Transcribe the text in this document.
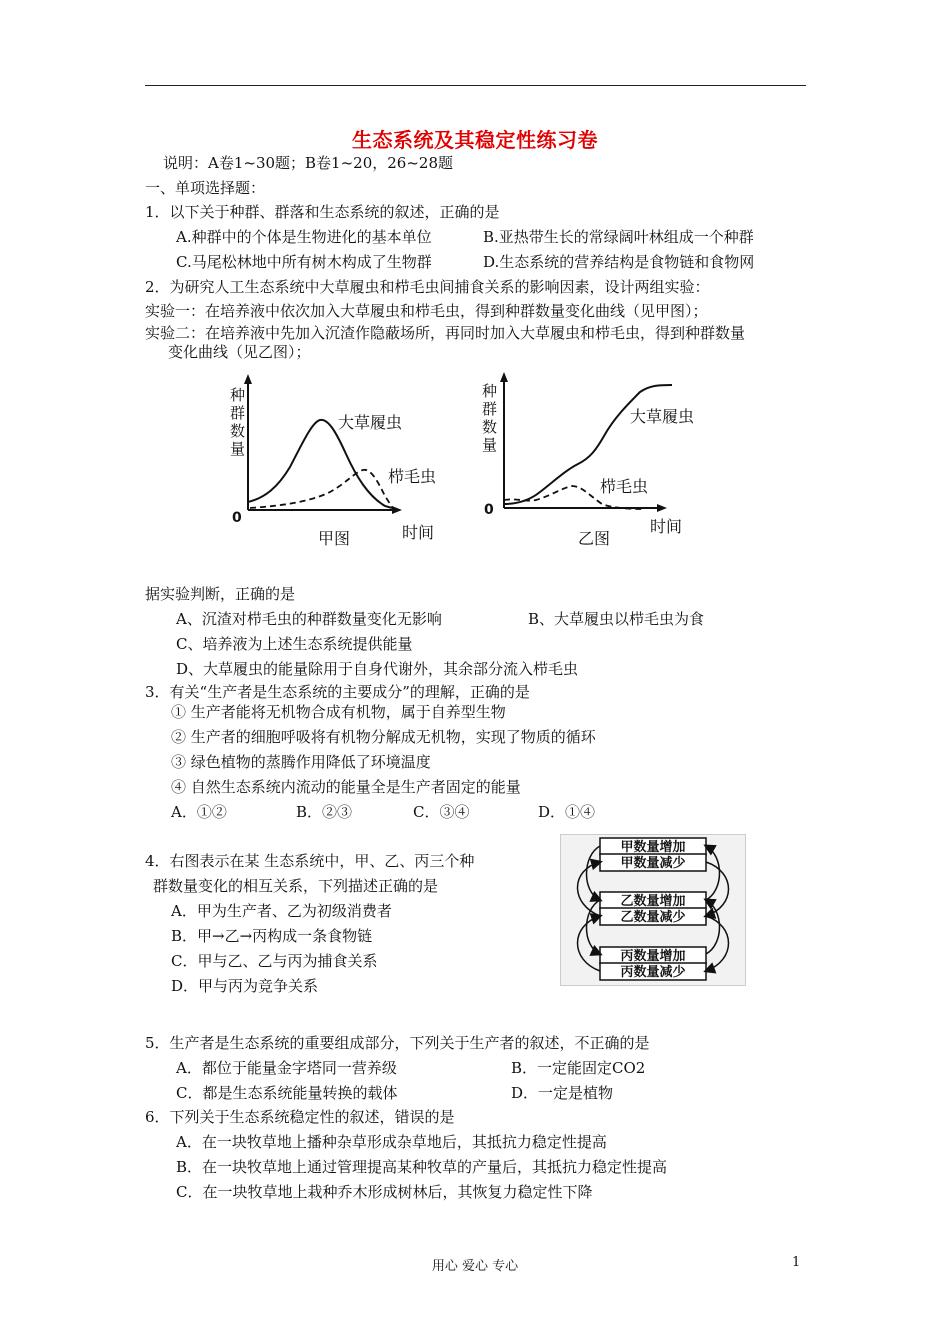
生态系统及其稳定性练习卷
说明：A卷1~30题；B卷1~20，26~28题
一、单项选择题：
1．以下关于种群、群落和生态系统的叙述，正确的是
A.种群中的个体是生物进化的基本单位	B.亚热带生长的常绿阔叶林组成一个种群
C.马尾松林地中所有树木构成了生物群	D.生态系统的营养结构是食物链和食物网
2．为研究人工生态系统中大草履虫和栉毛虫间捕食关系的影响因素，设计两组实验：
实验一：在培养液中依次加入大草履虫和栉毛虫，得到种群数量变化曲线（见甲图）；
实验二：在培养液中先加入沉渣作隐蔽场所，再同时加入大草履虫和栉毛虫，得到种群数量
变化曲线（见乙图）；
种
群
数
量
0
大草履虫
栉毛虫
甲图	时间
种
群
数
量
0
大草履虫
栉毛虫
乙图
时间
据实验判断，正确的是
A、沉渣对栉毛虫的种群数量变化无影响	B、大草履虫以栉毛虫为食
C、培养液为上述生态系统提供能量
D、大草履虫的能量除用于自身代谢外，其余部分流入栉毛虫
3．有关“生产者是生态系统的主要成分”的理解，正确的是
① 生产者能将无机物合成有机物，属于自养型生物
② 生产者的细胞呼吸将有机物分解成无机物，实现了物质的循环
③ 绿色植物的蒸腾作用降低了环境温度
④ 自然生态系统内流动的能量全是生产者固定的能量
A．①②	B．②③	C．③④	D．①④
4．右图表示在某 生态系统中，甲、乙、丙三个种
群数量变化的相互关系，下列描述正确的是
A．甲为生产者、乙为初级消费者
B．甲→乙→丙构成一条食物链
C．甲与乙、乙与丙为捕食关系
D．甲与丙为竞争关系
甲数量增加
甲数量减少
乙数量增加
乙数量减少
丙数量增加
丙数量减少
5．生产者是生态系统的重要组成部分，下列关于生产者的叙述，不正确的是
A．都位于能量金字塔同一营养级	B．一定能固定CO2
C．都是生态系统能量转换的载体	D．一定是植物
6．下列关于生态系统稳定性的叙述，错误的是
A．在一块牧草地上播种杂草形成杂草地后，其抵抗力稳定性提高
B．在一块牧草地上通过管理提高某种牧草的产量后，其抵抗力稳定性提高
C．在一块牧草地上栽种乔木形成树林后，其恢复力稳定性下降
用心 爱心 专心	1
